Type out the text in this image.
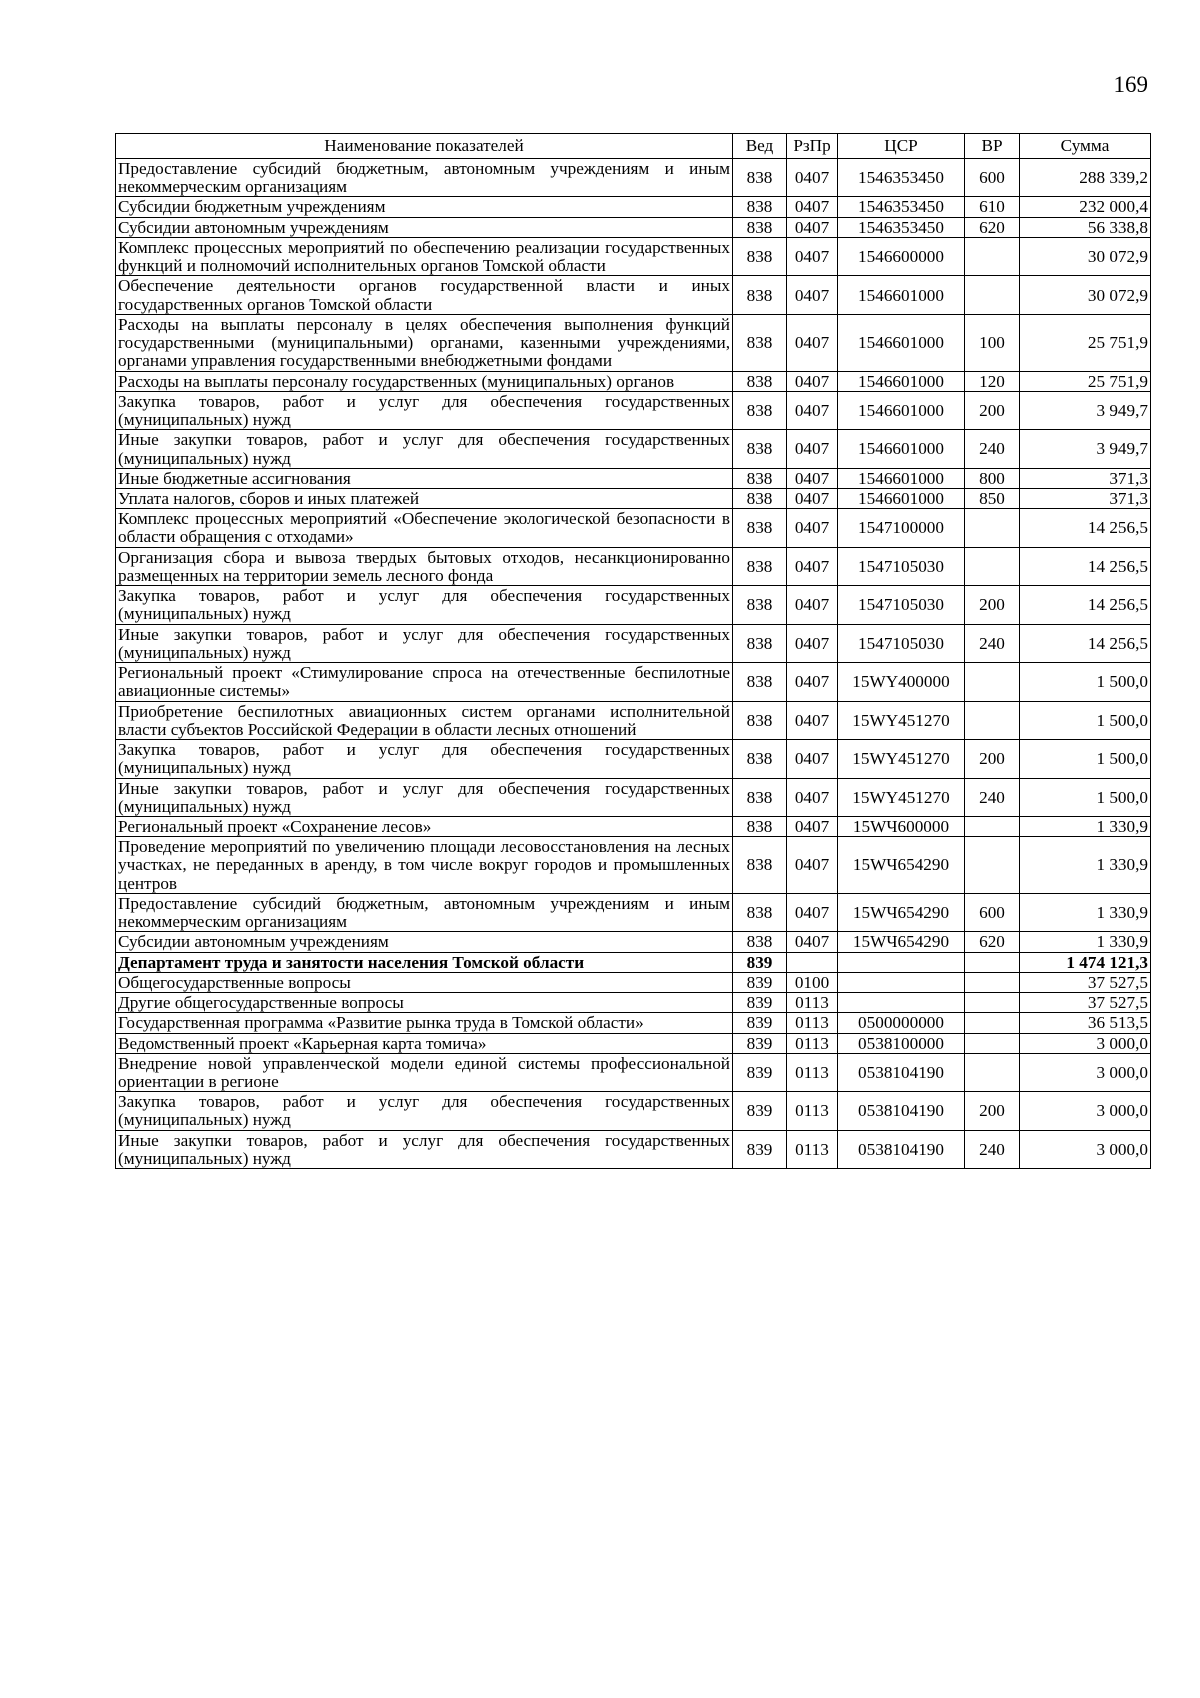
169
Наименование показателей	Вед	РзПр	ЦСР	ВР	Сумма
Предоставление субсидий бюджетным, автономным учреждениям и иным некоммерческим организациям	838	0407	1546353450	600	288 339,2
Субсидии бюджетным учреждениям	838	0407	1546353450	610	232 000,4
Субсидии автономным учреждениям	838	0407	1546353450	620	56 338,8
Комплекс процессных мероприятий по обеспечению реализации государственных функций и полномочий исполнительных органов Томской области	838	0407	1546600000		30 072,9
Обеспечение деятельности органов государственной власти и иных государственных органов Томской области	838	0407	1546601000		30 072,9
Расходы на выплаты персоналу в целях обеспечения выполнения функций государственными (муниципальными) органами, казенными учреждениями, органами управления государственными внебюджетными фондами	838	0407	1546601000	100	25 751,9
Расходы на выплаты персоналу государственных (муниципальных) органов	838	0407	1546601000	120	25 751,9
Закупка товаров, работ и услуг для обеспечения государственных (муниципальных) нужд	838	0407	1546601000	200	3 949,7
Иные закупки товаров, работ и услуг для обеспечения государственных (муниципальных) нужд	838	0407	1546601000	240	3 949,7
Иные бюджетные ассигнования	838	0407	1546601000	800	371,3
Уплата налогов, сборов и иных платежей	838	0407	1546601000	850	371,3
Комплекс процессных мероприятий «Обеспечение экологической безопасности в области обращения с отходами»	838	0407	1547100000		14 256,5
Организация сбора и вывоза твердых бытовых отходов, несанкционированно размещенных на территории земель лесного фонда	838	0407	1547105030		14 256,5
Закупка товаров, работ и услуг для обеспечения государственных (муниципальных) нужд	838	0407	1547105030	200	14 256,5
Иные закупки товаров, работ и услуг для обеспечения государственных (муниципальных) нужд	838	0407	1547105030	240	14 256,5
Региональный проект «Стимулирование спроса на отечественные беспилотные авиационные системы»	838	0407	15WY400000		1 500,0
Приобретение беспилотных авиационных систем органами исполнительной власти субъектов Российской Федерации в области лесных отношений	838	0407	15WY451270		1 500,0
Закупка товаров, работ и услуг для обеспечения государственных (муниципальных) нужд	838	0407	15WY451270	200	1 500,0
Иные закупки товаров, работ и услуг для обеспечения государственных (муниципальных) нужд	838	0407	15WY451270	240	1 500,0
Региональный проект «Сохранение лесов»	838	0407	15WЧ600000		1 330,9
Проведение мероприятий по увеличению площади лесовосстановления на лесных участках, не переданных в аренду, в том числе вокруг городов и промышленных центров	838	0407	15WЧ654290		1 330,9
Предоставление субсидий бюджетным, автономным учреждениям и иным некоммерческим организациям	838	0407	15WЧ654290	600	1 330,9
Субсидии автономным учреждениям	838	0407	15WЧ654290	620	1 330,9
Департамент труда и занятости населения Томской области	839				1 474 121,3
Общегосударственные вопросы	839	0100			37 527,5
Другие общегосударственные вопросы	839	0113			37 527,5
Государственная программа «Развитие рынка труда в Томской области»	839	0113	0500000000		36 513,5
Ведомственный проект «Карьерная карта томича»	839	0113	0538100000		3 000,0
Внедрение новой управленческой модели единой системы профессиональной ориентации в регионе	839	0113	0538104190		3 000,0
Закупка товаров, работ и услуг для обеспечения государственных (муниципальных) нужд	839	0113	0538104190	200	3 000,0
Иные закупки товаров, работ и услуг для обеспечения государственных (муниципальных) нужд	839	0113	0538104190	240	3 000,0
